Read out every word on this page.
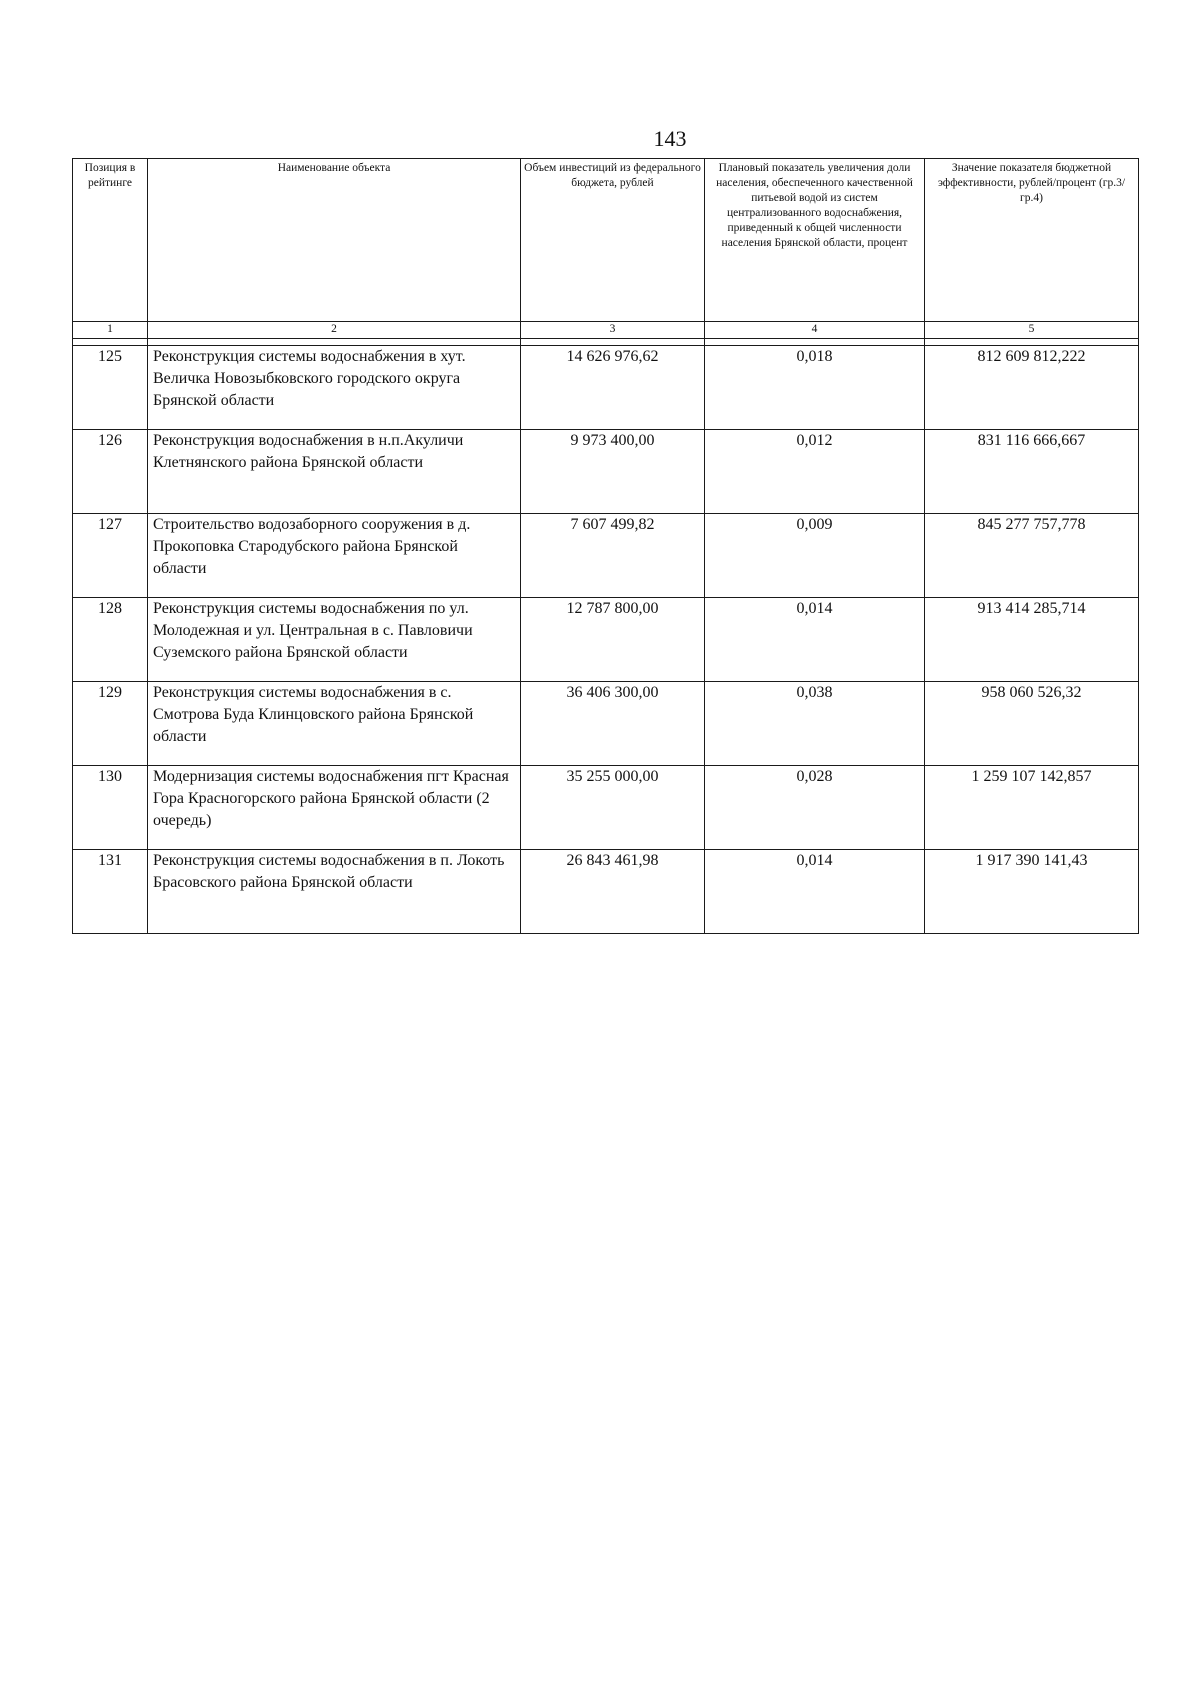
143
Позиция в рейтинге	Наименование объекта	Объем инвестиций из федерального бюджета, рублей	Плановый показатель увеличения доли населения, обеспеченного качественной питьевой водой из систем централизованного водоснабжения, приведенный к общей численности населения Брянской области, процент	Значение показателя бюджетной эффективности, рублей/процент (гр.3/гр.4)
1	2	3	4	5

125	Реконструкция системы водоснабжения в хут. Величка Новозыбковского городского округа Брянской области	14 626 976,62	0,018	812 609 812,222
126	Реконструкция водоснабжения в н.п.Акуличи Клетнянского района Брянской области	9 973 400,00	0,012	831 116 666,667
127	Строительство водозаборного сооружения в д. Прокоповка Стародубского района Брянской области	7 607 499,82	0,009	845 277 757,778
128	Реконструкция системы водоснабжения по ул. Молодежная и ул. Центральная в с. Павловичи Суземского района Брянской области	12 787 800,00	0,014	913 414 285,714
129	Реконструкция системы водоснабжения в с. Смотрова Буда Клинцовского района Брянской области	36 406 300,00	0,038	958 060 526,32
130	Модернизация системы водоснабжения пгт Красная Гора Красногорского района Брянской области (2 очередь)	35 255 000,00	0,028	1 259 107 142,857
131	Реконструкция системы водоснабжения в п. Локоть Брасовского района Брянской области	26 843 461,98	0,014	1 917 390 141,43
